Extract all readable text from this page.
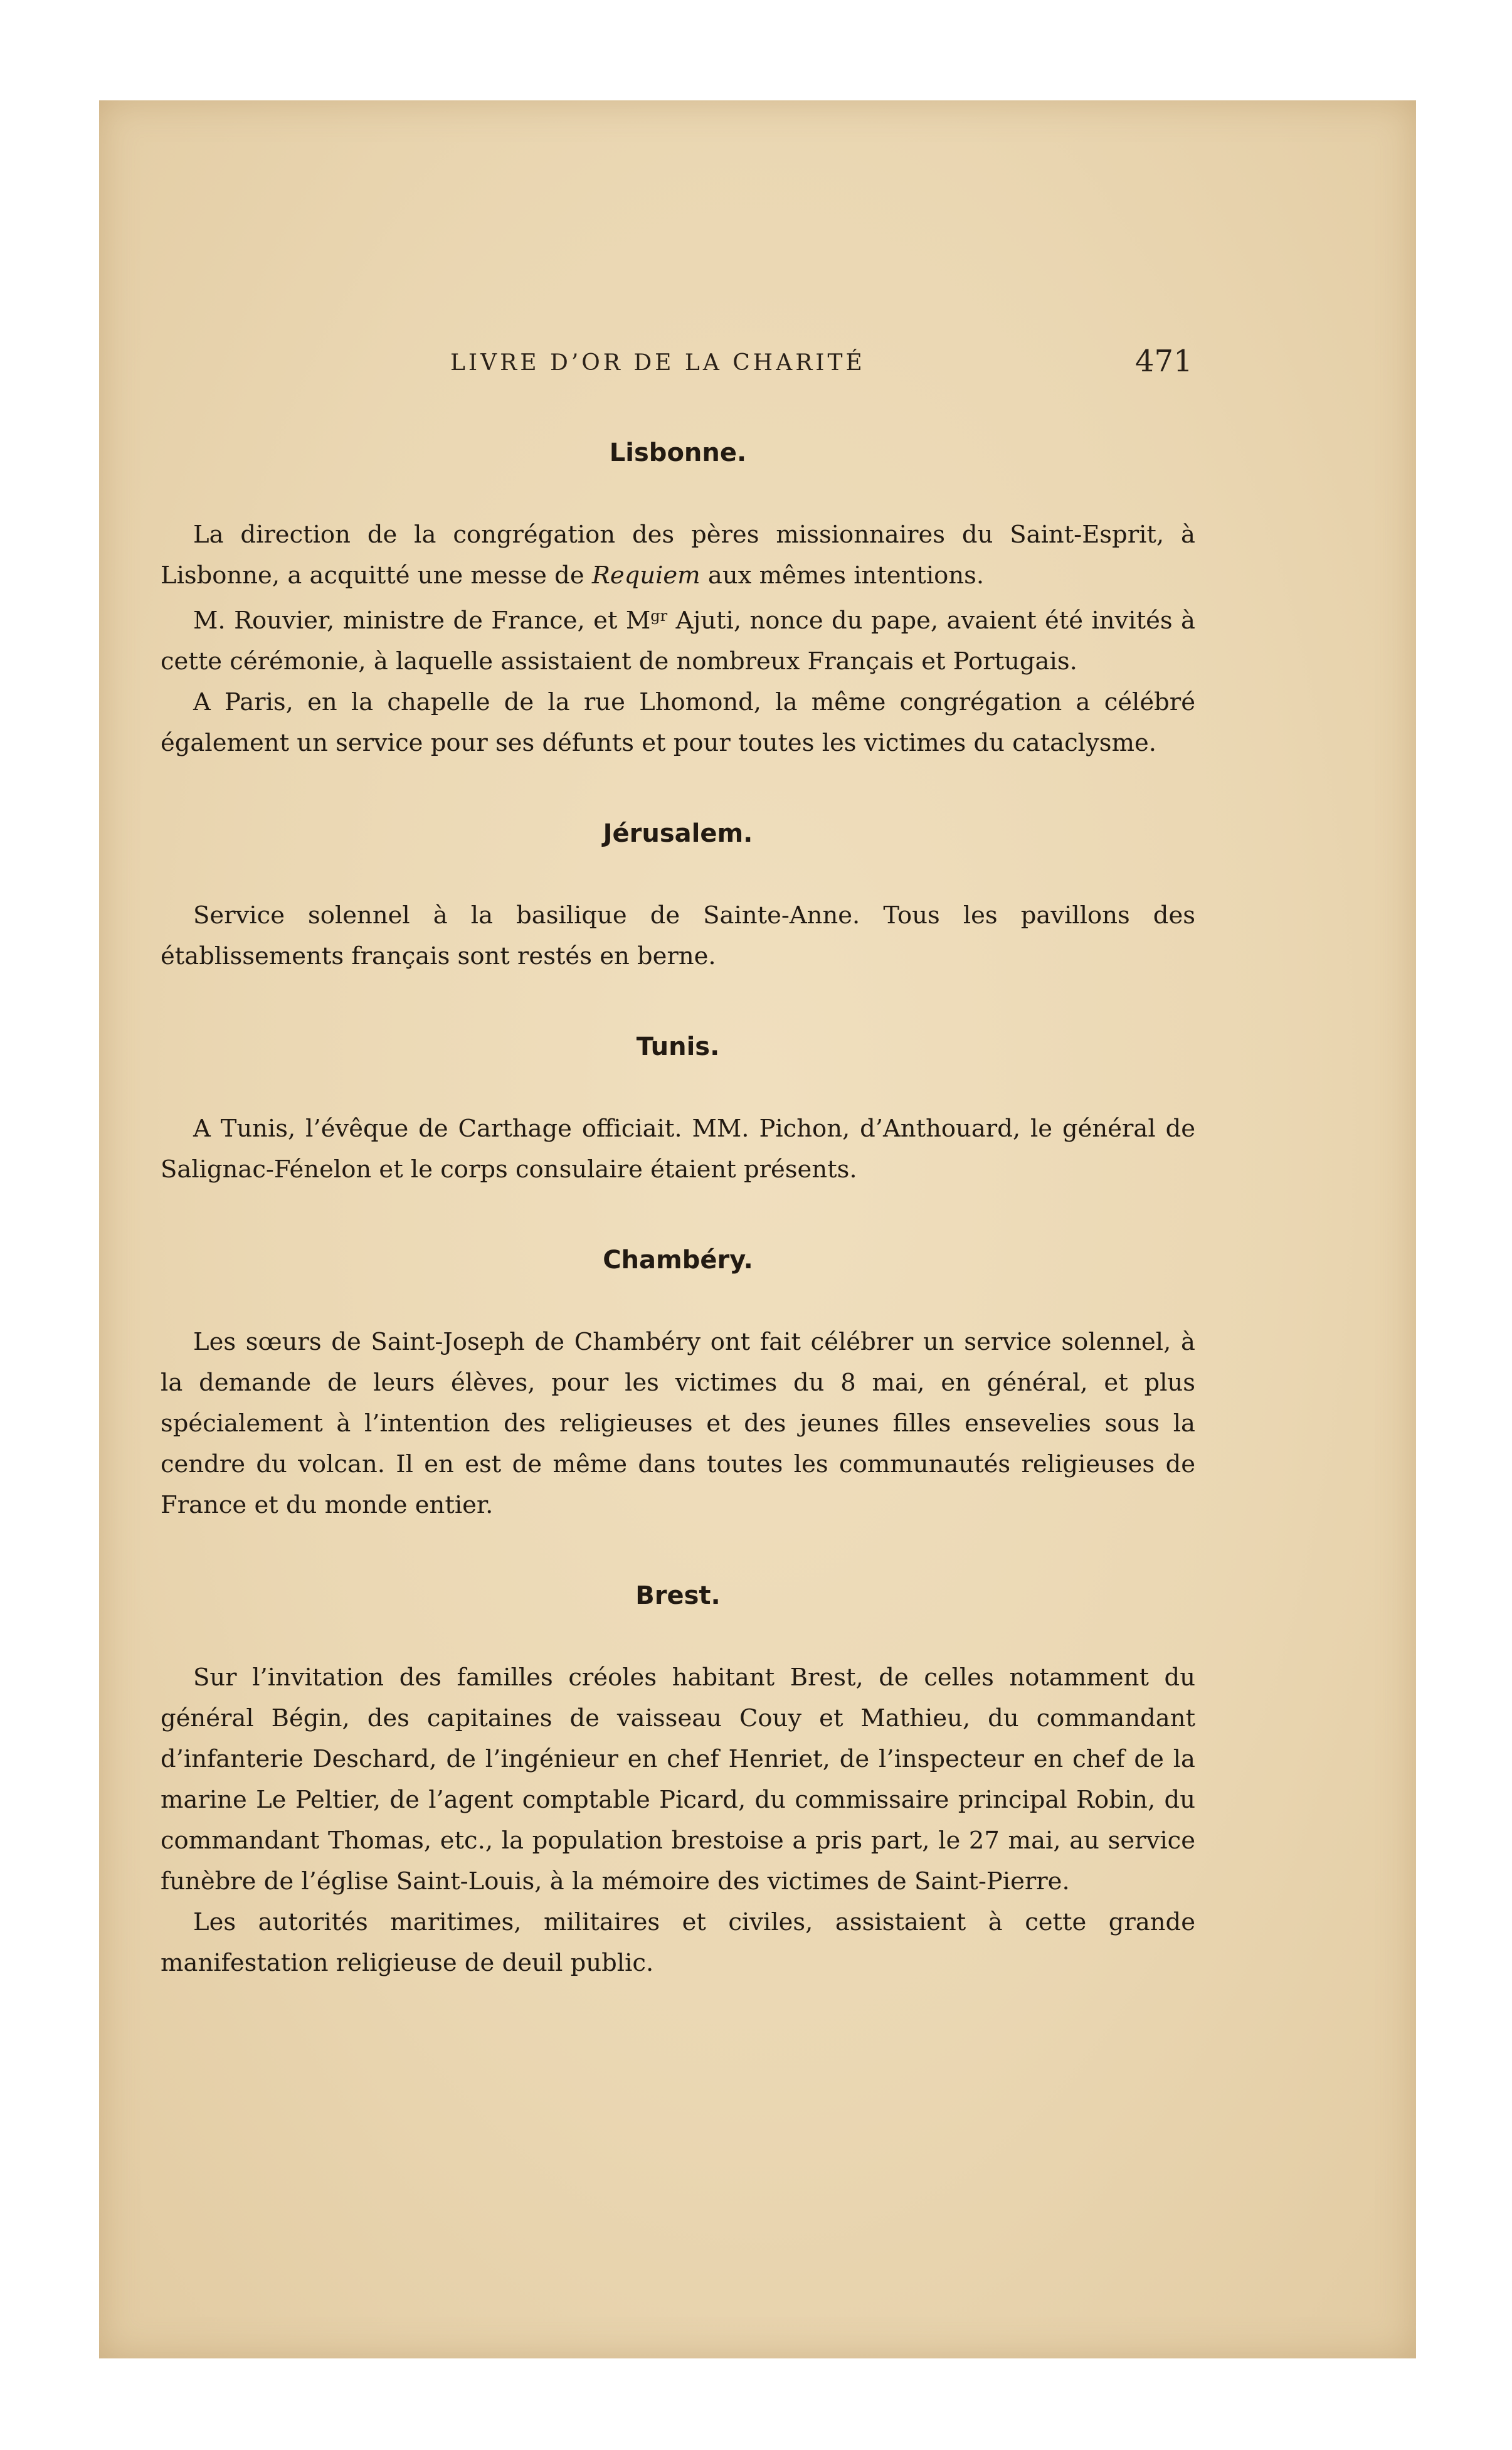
LIVRE D’OR DE LA CHARITÉ	471
Lisbonne.

La direction de la congrégation des pères missionnaires du Saint-Esprit, à Lisbonne, a acquitté une messe de Requiem aux mêmes intentions.

M. Rouvier, ministre de France, et $M^{gr}$ Ajuti, nonce du pape, avaient été invités à cette cérémonie, à laquelle assistaient de nombreux Français et Portugais.

A Paris, en la chapelle de la rue Lhomond, la même congrégation a célébré également un service pour ses défunts et pour toutes les victimes du cataclysme.

Jérusalem.

Service solennel à la basilique de Sainte-Anne. Tous les pavillons des établissements français sont restés en berne.

Tunis.

A Tunis, l’évêque de Carthage officiait. MM. Pichon, d’Anthouard, le général de Salignac-Fénelon et le corps consulaire étaient présents.

Chambéry.

Les sœurs de Saint-Joseph de Chambéry ont fait célébrer un service solennel, à la demande de leurs élèves, pour les victimes du 8 mai, en général, et plus spécialement à l’intention des religieuses et des jeunes filles ensevelies sous la cendre du volcan. Il en est de même dans toutes les communautés religieuses de France et du monde entier.

Brest.

Sur l’invitation des familles créoles habitant Brest, de celles notamment du général Bégin, des capitaines de vaisseau Couy et Mathieu, du commandant d’infanterie Deschard, de l’ingénieur en chef Henriet, de l’inspecteur en chef de la marine Le Peltier, de l’agent comptable Picard, du commissaire principal Robin, du commandant Thomas, etc., la population brestoise a pris part, le 27 mai, au service funèbre de l’église Saint-Louis, à la mémoire des victimes de Saint-Pierre.

Les autorités maritimes, militaires et civiles, assistaient à cette grande manifestation religieuse de deuil public.
